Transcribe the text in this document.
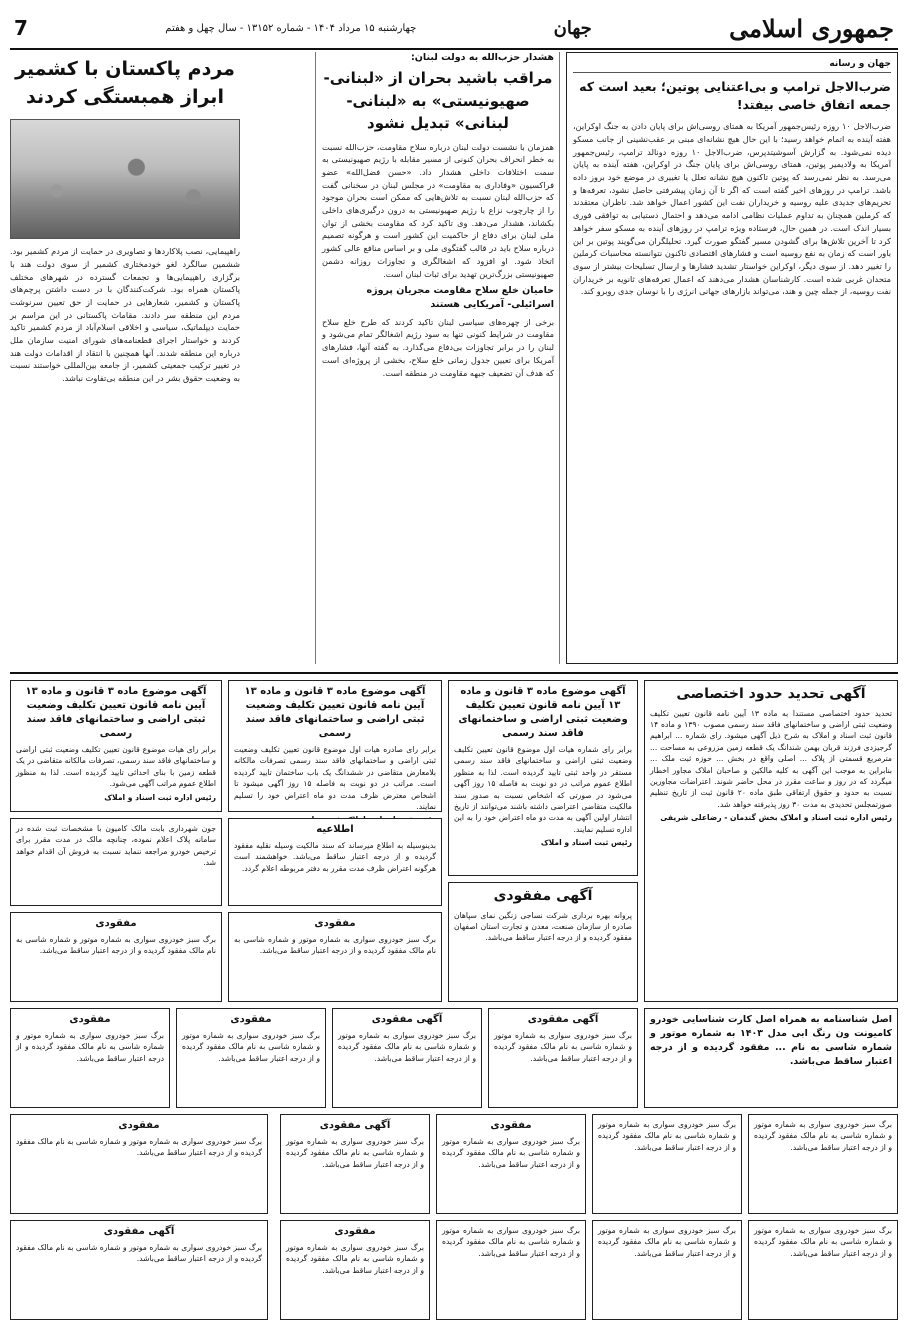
جمهوری اسلامی
جهان
چهارشنبه ۱۵ مرداد ۱۴۰۴ - شماره ۱۳۱۵۲ - سال چهل و هفتم
7
جهان و رسانه
ضرب‌الاجل ترامپ و بی‌اعتنایی پوتین؛ بعید است که جمعه اتفاق خاصی بیفتد!
ضرب‌الاجل ۱۰ روزه رئیس‌جمهور آمریکا به همتای روسی‌اش برای پایان دادن به جنگ اوکراین، هفته آینده به اتمام خواهد رسید؛ با این حال هیچ نشانه‌ای مبنی بر عقب‌نشینی از جانب مسکو دیده نمی‌شود. به گزارش آسوشیتدپرس، ضرب‌الاجل ۱۰ روزه دونالد ترامپ، رئیس‌جمهور آمریکا به ولادیمیر پوتین، همتای روسی‌اش برای پایان جنگ در اوکراین، هفته آینده به پایان می‌رسد. به نظر نمی‌رسد که پوتین تاکنون هیچ نشانه تعلل یا تغییری در موضع خود بروز داده باشد. ترامپ در روزهای اخیر گفته است که اگر تا آن زمان پیشرفتی حاصل نشود، تعرفه‌ها و تحریم‌های جدیدی علیه روسیه و خریداران نفت این کشور اعمال خواهد شد. ناظران معتقدند که کرملین همچنان به تداوم عملیات نظامی ادامه می‌دهد و احتمال دستیابی به توافقی فوری بسیار اندک است. در همین حال، فرستاده ویژه ترامپ در روزهای آینده به مسکو سفر خواهد کرد تا آخرین تلاش‌ها برای گشودن مسیر گفتگو صورت گیرد. تحلیلگران می‌گویند پوتین بر این باور است که زمان به نفع روسیه است و فشارهای اقتصادی تاکنون نتوانسته محاسبات کرملین را تغییر دهد. از سوی دیگر، اوکراین خواستار تشدید فشارها و ارسال تسلیحات بیشتر از سوی متحدان غربی شده است. کارشناسان هشدار می‌دهند که اعمال تعرفه‌های ثانویه بر خریداران نفت روسیه، از جمله چین و هند، می‌تواند بازارهای جهانی انرژی را با نوسان جدی روبرو کند.
هشدار حزب‌الله به دولت لبنان:
مراقب باشید بحران از «لبنانی- صهیونیستی» به «لبنانی- لبنانی» تبدیل نشود
همزمان با نشست دولت لبنان درباره سلاح مقاومت، حزب‌الله نسبت به خطر انحراف بحران کنونی از مسیر مقابله با رژیم صهیونیستی به سمت اختلافات داخلی هشدار داد. «حسن فضل‌الله» عضو فراکسیون «وفاداری به مقاومت» در مجلس لبنان در سخنانی گفت که حزب‌الله لبنان نسبت به تلاش‌هایی که ممکن است بحران موجود را از چارچوب نزاع با رژیم صهیونیستی به درون درگیری‌های داخلی بکشاند، هشدار می‌دهد. وی تاکید کرد که مقاومت بخشی از توان ملی لبنان برای دفاع از حاکمیت این کشور است و هرگونه تصمیم درباره سلاح باید در قالب گفتگوی ملی و بر اساس منافع عالی کشور اتخاذ شود. او افزود که اشغالگری و تجاوزات روزانه دشمن صهیونیستی بزرگ‌ترین تهدید برای ثبات لبنان است.
حامیان خلع سلاح مقاومت مجریان پروژه اسرائیلی- آمریکایی هستند
برخی از چهره‌های سیاسی لبنان تاکید کردند که طرح خلع سلاح مقاومت در شرایط کنونی تنها به سود رژیم اشغالگر تمام می‌شود و لبنان را در برابر تجاوزات بی‌دفاع می‌گذارد. به گفته آنها، فشارهای آمریکا برای تعیین جدول زمانی خلع سلاح، بخشی از پروژه‌ای است که هدف آن تضعیف جبهه مقاومت در منطقه است.
مردم پاکستان با کشمیر ابراز همبستگی کردند
راهپیمایی، نصب پلاکاردها و تصاویری در حمایت از مردم کشمیر بود. ششمین سالگرد لغو خودمختاری کشمیر از سوی دولت هند با برگزاری راهپیمایی‌ها و تجمعات گسترده در شهرهای مختلف پاکستان همراه بود. شرکت‌کنندگان با در دست داشتن پرچم‌های پاکستان و کشمیر، شعارهایی در حمایت از حق تعیین سرنوشت مردم این منطقه سر دادند. مقامات پاکستانی در این مراسم بر حمایت دیپلماتیک، سیاسی و اخلاقی اسلام‌آباد از مردم کشمیر تاکید کردند و خواستار اجرای قطعنامه‌های شورای امنیت سازمان ملل درباره این منطقه شدند. آنها همچنین با انتقاد از اقدامات دولت هند در تغییر ترکیب جمعیتی کشمیر، از جامعه بین‌المللی خواستند نسبت به وضعیت حقوق بشر در این منطقه بی‌تفاوت نباشد.
آگهی تحدید حدود اختصاصی
تحدید حدود اختصاصی مستندا به ماده ۱۳ آیین نامه قانون تعیین تکلیف وضعیت ثبتی اراضی و ساختمانهای فاقد سند رسمی مصوب ۱۳۹۰ و ماده ۱۴ قانون ثبت اسناد و املاک به شرح ذیل آگهی میشود. رای شماره ... ابراهیم گرجیزدی فرزند قربان بهمن شندانگ یک قطعه زمین مزروعی به مساحت ... مترمربع قسمتی از پلاک ... اصلی واقع در بخش ... حوزه ثبت ملک ... بنابراین به موجب این آگهی به کلیه مالکین و صاحبان املاک مجاور اخطار میگردد که در روز و ساعت مقرر در محل حاضر شوند. اعتراضات مجاورین نسبت به حدود و حقوق ارتفاقی طبق ماده ۲۰ قانون ثبت از تاریخ تنظیم صورتمجلس تحدیدی به مدت ۳۰ روز پذیرفته خواهد شد.
رئیس اداره ثبت اسناد و املاک بخش گندمان - رضاعلی شریفی
آگهی موضوع ماده ۳ قانون و ماده ۱۳ آیین نامه قانون تعیین تکلیف وضعیت ثبتی اراضی و ساختمانهای فاقد سند رسمی
برابر رای شماره هیات اول موضوع قانون تعیین تکلیف وضعیت ثبتی اراضی و ساختمانهای فاقد سند رسمی مستقر در واحد ثبتی تایید گردیده است. لذا به منظور اطلاع عموم مراتب در دو نوبت به فاصله ۱۵ روز آگهی می‌شود در صورتی که اشخاص نسبت به صدور سند مالکیت متقاضی اعتراضی داشته باشند می‌توانند از تاریخ انتشار اولین آگهی به مدت دو ماه اعتراض خود را به این اداره تسلیم نمایند.
رئیس ثبت اسناد و املاک
آگهی موضوع ماده ۳ قانون و ماده ۱۳ آیین نامه قانون تعیین تکلیف وضعیت ثبتی اراضی و ساختمانهای فاقد سند رسمی
برابر رای صادره هیات اول موضوع قانون تعیین تکلیف وضعیت ثبتی اراضی و ساختمانهای فاقد سند رسمی تصرفات مالکانه بلامعارض متقاضی در ششدانگ یک باب ساختمان تایید گردیده است. مراتب در دو نوبت به فاصله ۱۵ روز آگهی میشود تا اشخاص معترض ظرف مدت دو ماه اعتراض خود را تسلیم نمایند.
آگهی موضوع ماده ۳ قانون و ماده ۱۳ آیین نامه قانون تعیین تکلیف وضعیت ثبتی اراضی و ساختمانهای فاقد سند رسمی
برابر رای هیات موضوع قانون تعیین تکلیف وضعیت ثبتی اراضی و ساختمانهای فاقد سند رسمی، تصرفات مالکانه متقاضی در یک قطعه زمین با بنای احداثی تایید گردیده است. لذا به منظور اطلاع عموم مراتب آگهی می‌شود.
رئیس اداره ثبت اسناد و املاک
اطلاعیه
بدینوسیله به اطلاع میرساند که سند مالکیت وسیله نقلیه مفقود گردیده و از درجه اعتبار ساقط می‌باشد. خواهشمند است هرگونه اعتراض ظرف مدت مقرر به دفتر مربوطه اعلام گردد.
جون شهرداری بابت مالک کامیون با مشخصات ثبت شده در سامانه پلاک اعلام نموده، چنانچه مالک در مدت مقرر برای ترخیص خودرو مراجعه ننماید نسبت به فروش آن اقدام خواهد شد.
آگهی مفقودی
پروانه بهره برداری شرکت نساجی زنگین نمای سپاهان صادره از سازمان صنعت، معدن و تجارت استان اصفهان مفقود گردیده و از درجه اعتبار ساقط می‌باشد.
مفقودی
برگ سبز خودروی سواری به شماره موتور و شماره شاسی به نام مالک مفقود گردیده و از درجه اعتبار ساقط می‌باشد.
مفقودی
برگ سبز خودروی سواری به شماره موتور و شماره شاسی به نام مالک مفقود گردیده و از درجه اعتبار ساقط می‌باشد.
اصل شناسنامه به همراه اصل کارت شناسایی خودرو کامیونت ون رنگ ابی مدل ۱۴۰۳ به شماره موتور و شماره شاسی به نام ... مفقود گردیده و از درجه اعتبار ساقط می‌باشد.
آگهی مفقودی
برگ سبز خودروی سواری به شماره موتور و شماره شاسی به نام مالک مفقود گردیده و از درجه اعتبار ساقط می‌باشد.
آگهی مفقودی
برگ سبز خودروی سواری به شماره موتور و شماره شاسی به نام مالک مفقود گردیده و از درجه اعتبار ساقط می‌باشد.
مفقودی
برگ سبز خودروی سواری به شماره موتور و شماره شاسی به نام مالک مفقود گردیده و از درجه اعتبار ساقط می‌باشد.
مفقودی
برگ سبز خودروی سواری به شماره موتور و شماره شاسی به نام مالک مفقود گردیده و از درجه اعتبار ساقط می‌باشد.
برگ سبز خودروی سواری به شماره موتور و شماره شاسی به نام مالک مفقود گردیده و از درجه اعتبار ساقط می‌باشد.
برگ سبز خودروی سواری به شماره موتور و شماره شاسی به نام مالک مفقود گردیده و از درجه اعتبار ساقط می‌باشد.
مفقودی
برگ سبز خودروی سواری به شماره موتور و شماره شاسی به نام مالک مفقود گردیده و از درجه اعتبار ساقط می‌باشد.
آگهی مفقودی
برگ سبز خودروی سواری به شماره موتور و شماره شاسی به نام مالک مفقود گردیده و از درجه اعتبار ساقط می‌باشد.
مفقودی
برگ سبز خودروی سواری به شماره موتور و شماره شاسی به نام مالک مفقود گردیده و از درجه اعتبار ساقط می‌باشد.
برگ سبز خودروی سواری به شماره موتور و شماره شاسی به نام مالک مفقود گردیده و از درجه اعتبار ساقط می‌باشد.
برگ سبز خودروی سواری به شماره موتور و شماره شاسی به نام مالک مفقود گردیده و از درجه اعتبار ساقط می‌باشد.
برگ سبز خودروی سواری به شماره موتور و شماره شاسی به نام مالک مفقود گردیده و از درجه اعتبار ساقط می‌باشد.
مفقودی
برگ سبز خودروی سواری به شماره موتور و شماره شاسی به نام مالک مفقود گردیده و از درجه اعتبار ساقط می‌باشد.
آگهی مفقودی
برگ سبز خودروی سواری به شماره موتور و شماره شاسی به نام مالک مفقود گردیده و از درجه اعتبار ساقط می‌باشد.
